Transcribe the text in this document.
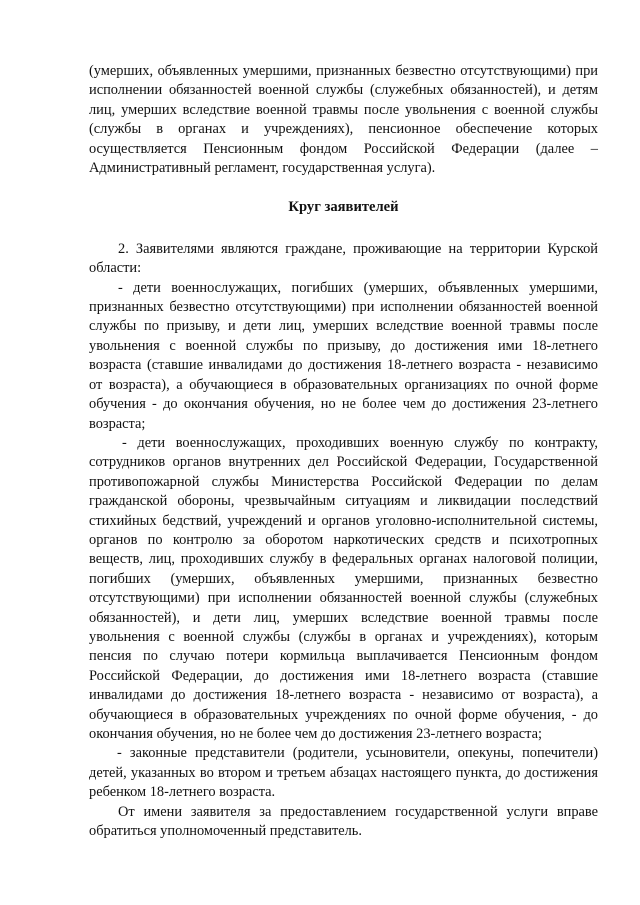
(умерших, объявленных умершими, признанных безвестно отсутствующими) при исполнении обязанностей военной службы (служебных обязанностей), и детям лиц, умерших вследствие военной травмы после увольнения с военной службы (службы в органах и учреждениях), пенсионное обеспечение которых осуществляется Пенсионным фондом Российской Федерации (далее – Административный регламент, государственная услуга).

Круг заявителей

2. Заявителями являются граждане, проживающие на территории Курской области:

- дети военнослужащих, погибших (умерших, объявленных умершими, признанных безвестно отсутствующими) при исполнении обязанностей военной службы по призыву, и дети лиц, умерших вследствие военной травмы после увольнения с военной службы по призыву, до достижения ими 18-летнего возраста (ставшие инвалидами до достижения 18-летнего возраста - независимо от возраста), а обучающиеся в образовательных организациях по очной форме обучения - до окончания обучения, но не более чем до достижения 23-летнего возраста;

- дети военнослужащих, проходивших военную службу по контракту, сотрудников органов внутренних дел Российской Федерации, Государственной противопожарной службы Министерства Российской Федерации по делам гражданской обороны, чрезвычайным ситуациям и ликвидации последствий стихийных бедствий, учреждений и органов уголовно-исполнительной системы, органов по контролю за оборотом наркотических средств и психотропных веществ, лиц, проходивших службу в федеральных органах налоговой полиции, погибших (умерших, объявленных умершими, признанных безвестно отсутствующими) при исполнении обязанностей военной службы (служебных обязанностей), и дети лиц, умерших вследствие военной травмы после увольнения с военной службы (службы в органах и учреждениях), которым пенсия по случаю потери кормильца выплачивается Пенсионным фондом Российской Федерации, до достижения ими 18-летнего возраста (ставшие инвалидами до достижения 18-летнего возраста - независимо от возраста), а обучающиеся в образовательных учреждениях по очной форме обучения, - до окончания обучения, но не более чем до достижения 23-летнего возраста;

- законные представители (родители, усыновители, опекуны, попечители) детей, указанных во втором и третьем абзацах настоящего пункта, до достижения ребенком 18-летнего возраста.

От имени заявителя за предоставлением государственной услуги вправе обратиться уполномоченный представитель.
